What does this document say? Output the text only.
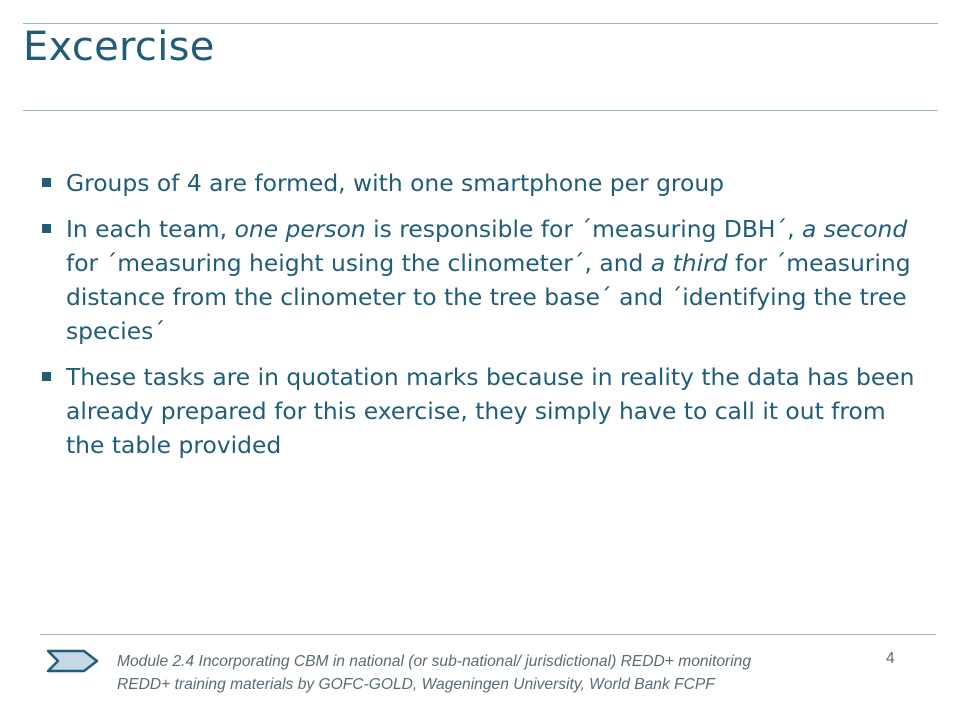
Excercise
Groups of 4 are formed, with one smartphone per group
In each team, one person is responsible for ´measuring DBH´, a second for ´measuring height using the clinometer´, and a third for ´measuring distance from the clinometer to the tree base´ and ´identifying the tree species´
These tasks are in quotation marks because in reality the data has been already prepared for this exercise, they simply have to call it out from the table provided
Module 2.4 Incorporating CBM in national (or sub-national/ jurisdictional) REDD+ monitoring
REDD+ training materials by GOFC-GOLD, Wageningen University, World Bank FCPF
4
